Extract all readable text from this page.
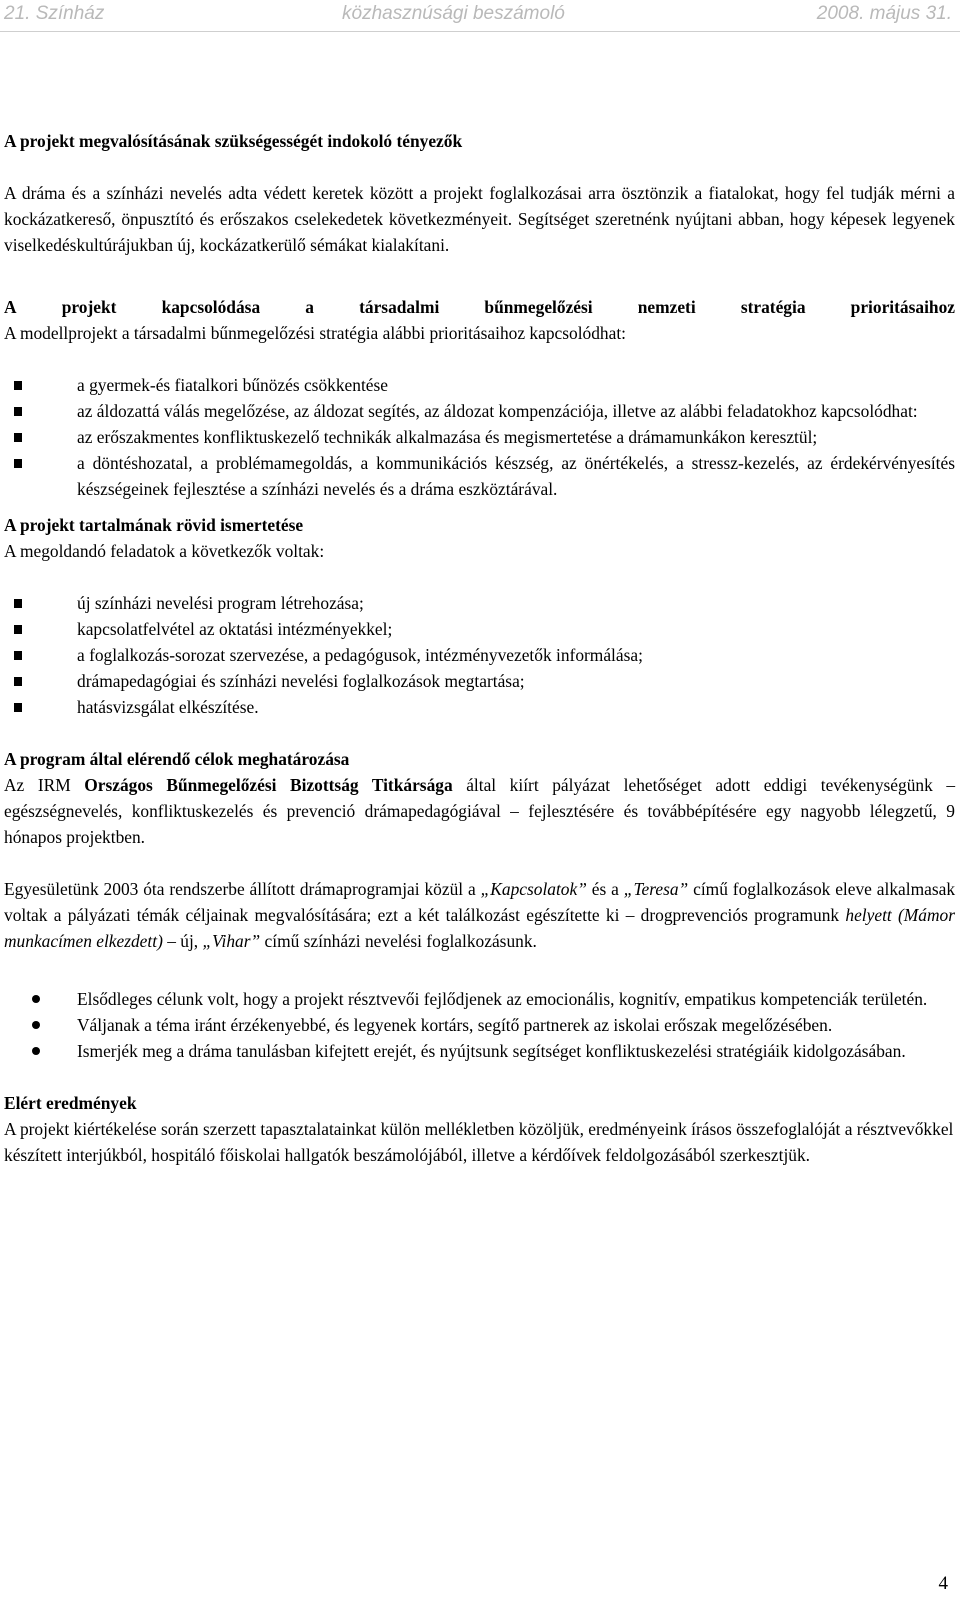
21. Színház	közhasznúsági beszámoló	2008. május 31.
A projekt megvalósításának szükségességét indokoló tényezők

A dráma és a színházi nevelés adta védett keretek között a projekt foglalkozásai arra ösztönzik a fiatalokat, hogy fel tudják mérni a kockázatkereső, önpusztító és erőszakos cselekedetek következményeit. Segítséget szeretnénk nyújtani abban, hogy képesek legyenek viselkedéskultúrájukban új, kockázatkerülő sémákat kialakítani.

A	projekt	kapcsolódása	a	társadalmi	bűnmegelőzési	nemzeti	stratégia	prioritásaihoz

A modellprojekt a társadalmi bűnmegelőzési stratégia alábbi prioritásaihoz kapcsolódhat:

a gyermek-és fiatalkori bűnözés csökkentése
az áldozattá válás megelőzése, az áldozat segítés, az áldozat kompenzációja, illetve az alábbi feladatokhoz kapcsolódhat:
az erőszakmentes konfliktuskezelő technikák alkalmazása és megismertetése a drámamunkákon keresztül;
a döntéshozatal, a problémamegoldás, a kommunikációs készség, az önértékelés, a stressz-kezelés, az érdekérvényesítés készségeinek fejlesztése a színházi nevelés és a dráma eszköztárával.
A projekt tartalmának rövid ismertetése

A megoldandó feladatok a következők voltak:

új színházi nevelési program létrehozása;
kapcsolatfelvétel az oktatási intézményekkel;
a foglalkozás-sorozat szervezése, a pedagógusok, intézményvezetők informálása;
drámapedagógiai és színházi nevelési foglalkozások megtartása;
hatásvizsgálat elkészítése.
A program által elérendő célok meghatározása

Az IRM Országos Bűnmegelőzési Bizottság Titkársága által kiírt pályázat lehetőséget adott eddigi tevékenységünk – egészségnevelés, konfliktuskezelés és prevenció drámapedagógiával – fejlesztésére és továbbépítésére egy nagyobb lélegzetű, 9 hónapos projektben.

Egyesületünk 2003 óta rendszerbe állított drámaprogramjai közül a „Kapcsolatok” és a „Teresa” című foglalkozások eleve alkalmasak voltak a pályázati témák céljainak megvalósítására; ezt a két találkozást egészítette ki – drogprevenciós programunk helyett (Mámor munkacímen elkezdett) – új, „Vihar” című színházi nevelési foglalkozásunk.

Elsődleges célunk volt, hogy a projekt résztvevői fejlődjenek az emocionális, kognitív, empatikus kompetenciák területén.
Váljanak a téma iránt érzékenyebbé, és legyenek kortárs, segítő partnerek az iskolai erőszak megelőzésében.
Ismerjék meg a dráma tanulásban kifejtett erejét, és nyújtsunk segítséget konfliktuskezelési stratégiáik kidolgozásában.
Elért eredmények

A projekt kiértékelése során szerzett tapasztalatainkat külön mellékletben közöljük, eredményeink írásos összefoglalóját a résztvevőkkel készített interjúkból, hospitáló főiskolai hallgatók beszámolójából, illetve a kérdőívek feldolgozásából szerkesztjük.

4
